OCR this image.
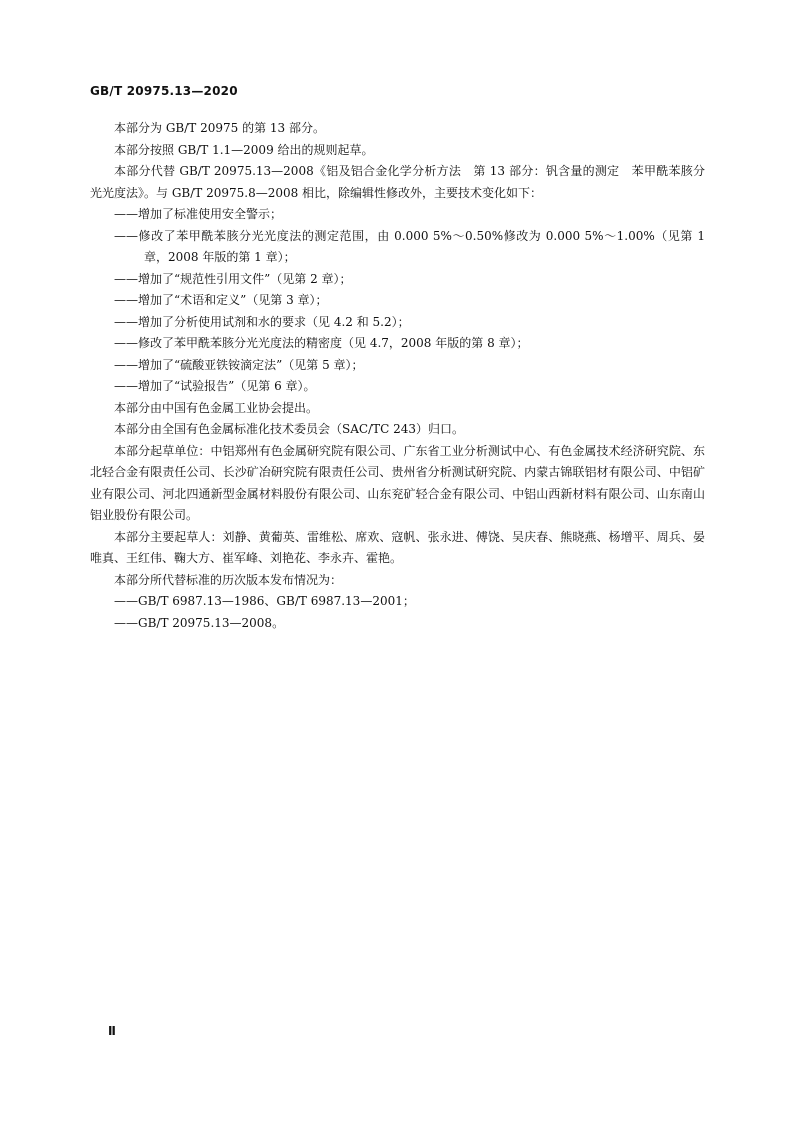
GB/T 20975.13—2020

本部分为 GB/T 20975 的第 13 部分。

本部分按照 GB/T 1.1—2009 给出的规则起草。

本部分代替 GB/T 20975.13—2008《铝及铝合金化学分析方法　第 13 部分：钒含量的测定　苯甲酰苯胲分光光度法》。与 GB/T 20975.8—2008 相比，除编辑性修改外，主要技术变化如下：

——增加了标准使用安全警示；

——修改了苯甲酰苯胲分光光度法的测定范围，由 0.000 5%～0.50%修改为 0.000 5%～1.00%（见第 1 章，2008 年版的第 1 章）；

——增加了“规范性引用文件”（见第 2 章）；

——增加了“术语和定义”（见第 3 章）；

——增加了分析使用试剂和水的要求（见 4.2 和 5.2）；

——修改了苯甲酰苯胲分光光度法的精密度（见 4.7，2008 年版的第 8 章）；

——增加了“硫酸亚铁铵滴定法”（见第 5 章）；

——增加了“试验报告”（见第 6 章）。

本部分由中国有色金属工业协会提出。

本部分由全国有色金属标准化技术委员会（SAC/TC 243）归口。

本部分起草单位：中铝郑州有色金属研究院有限公司、广东省工业分析测试中心、有色金属技术经济研究院、东北轻合金有限责任公司、长沙矿冶研究院有限责任公司、贵州省分析测试研究院、内蒙古锦联铝材有限公司、中铝矿业有限公司、河北四通新型金属材料股份有限公司、山东兖矿轻合金有限公司、中铝山西新材料有限公司、山东南山铝业股份有限公司。

本部分主要起草人：刘静、黄葡英、雷维松、席欢、寇帆、张永进、傅饶、吴庆春、熊晓燕、杨增平、周兵、晏唯真、王红伟、鞠大方、崔军峰、刘艳花、李永卉、霍艳。

本部分所代替标准的历次版本发布情况为：

——GB/T 6987.13—1986、GB/T 6987.13—2001；

——GB/T 20975.13—2008。

Ⅱ
